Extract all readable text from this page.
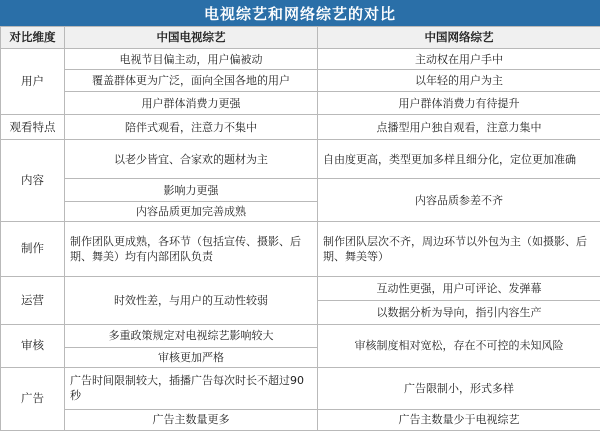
电视综艺和网络综艺的对比
对比维度	中国电视综艺	中国网络综艺
用户	电视节目偏主动，用户偏被动	主动权在用户手中
	覆盖群体更为广泛，面向全国各地的用户	以年轻的用户为主
	用户群体消费力更强	用户群体消费力有待提升
观看特点	陪伴式观看，注意力不集中	点播型用户独自观看，注意力集中
内容	以老少皆宜、合家欢的题材为主	自由度更高，类型更加多样且细分化，定位更加准确
	影响力更强	内容品质参差不齐
	内容品质更加完善成熟	
制作	制作团队更成熟，各环节（包括宣传、摄影、后期、舞美）均有内部团队负责	制作团队层次不齐，周边环节以外包为主（如摄影、后期、舞美等）
运营	时效性差，与用户的互动性较弱	互动性更强，用户可评论、发弹幕
		以数据分析为导向，指引内容生产
审核	多重政策规定对电视综艺影响较大	审核制度相对宽松，存在不可控的未知风险
	审核更加严格	
广告	广告时间限制较大，插播广告每次时长不超过90秒	广告限制小，形式多样
	广告主数量更多	广告主数量少于电视综艺
